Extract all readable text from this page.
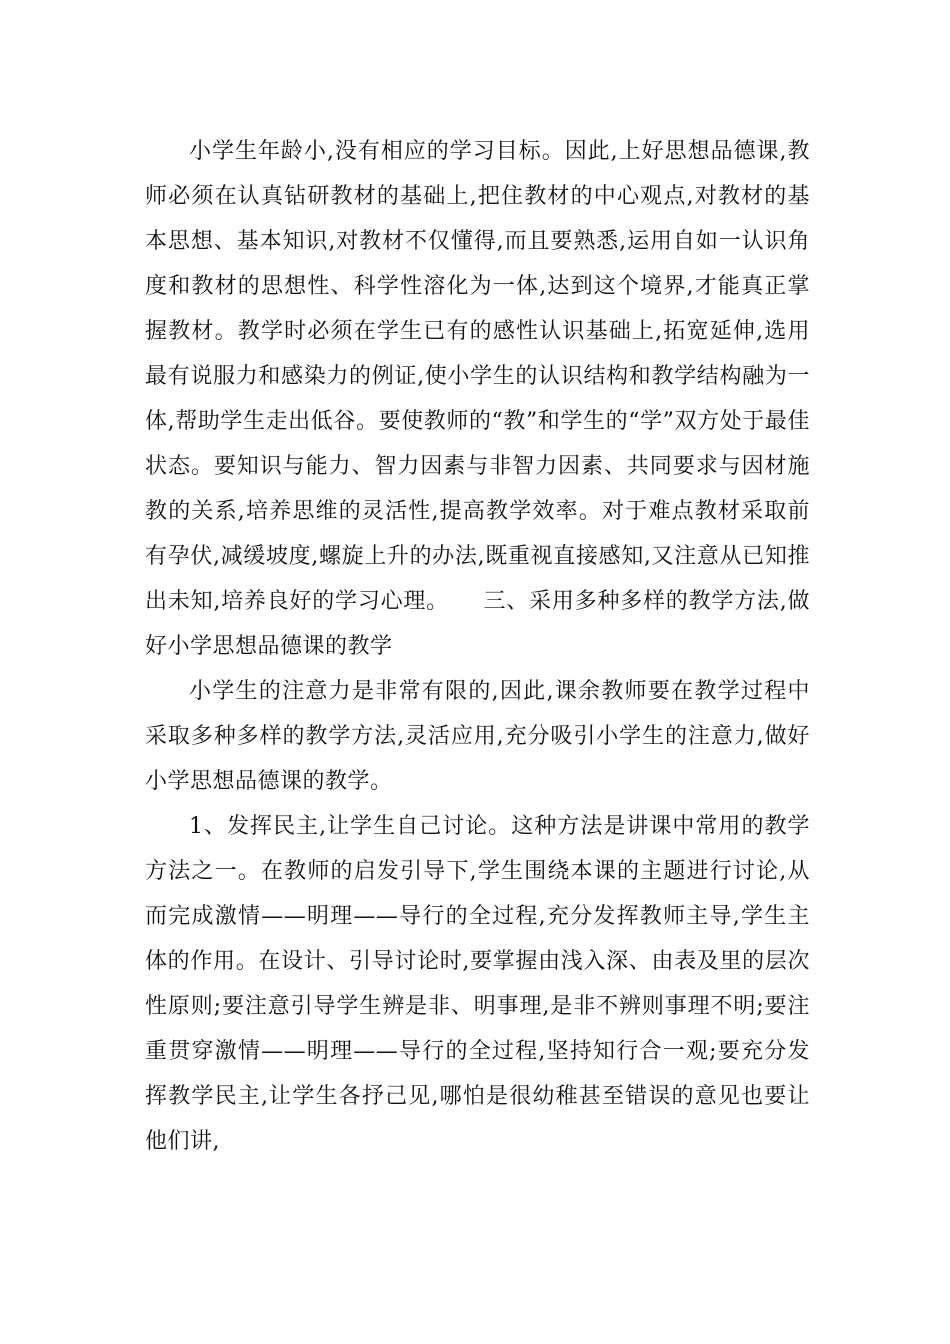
小学生年龄小,没有相应的学习目标。因此,上好思想品德课,教师必须在认真钻研教材的基础上,把住教材的中心观点,对教材的基本思想、基本知识,对教材不仅懂得,而且要熟悉,运用自如一认识角度和教材的思想性、科学性溶化为一体,达到这个境界,才能真正掌握教材。教学时必须在学生已有的感性认识基础上,拓宽延伸,选用最有说服力和感染力的例证,使小学生的认识结构和教学结构融为一体,帮助学生走出低谷。要使教师的“教”和学生的“学”双方处于最佳状态。要知识与能力、智力因素与非智力因素、共同要求与因材施教的关系,培养思维的灵活性,提高教学效率。对于难点教材采取前有孕伏,减缓坡度,螺旋上升的办法,既重视直接感知,又注意从已知推出未知,培养良好的学习心理。　　三、采用多种多样的教学方法,做好小学思想品德课的教学

小学生的注意力是非常有限的,因此,课余教师要在教学过程中采取多种多样的教学方法,灵活应用,充分吸引小学生的注意力,做好小学思想品德课的教学。

1、发挥民主,让学生自己讨论。这种方法是讲课中常用的教学方法之一。在教师的启发引导下,学生围绕本课的主题进行讨论,从而完成激情——明理——导行的全过程,充分发挥教师主导,学生主体的作用。在设计、引导讨论时,要掌握由浅入深、由表及里的层次性原则;要注意引导学生辨是非、明事理,是非不辨则事理不明;要注重贯穿激情——明理——导行的全过程,坚持知行合一观;要充分发挥教学民主,让学生各抒己见,哪怕是很幼稚甚至错误的意见也要让他们讲,
